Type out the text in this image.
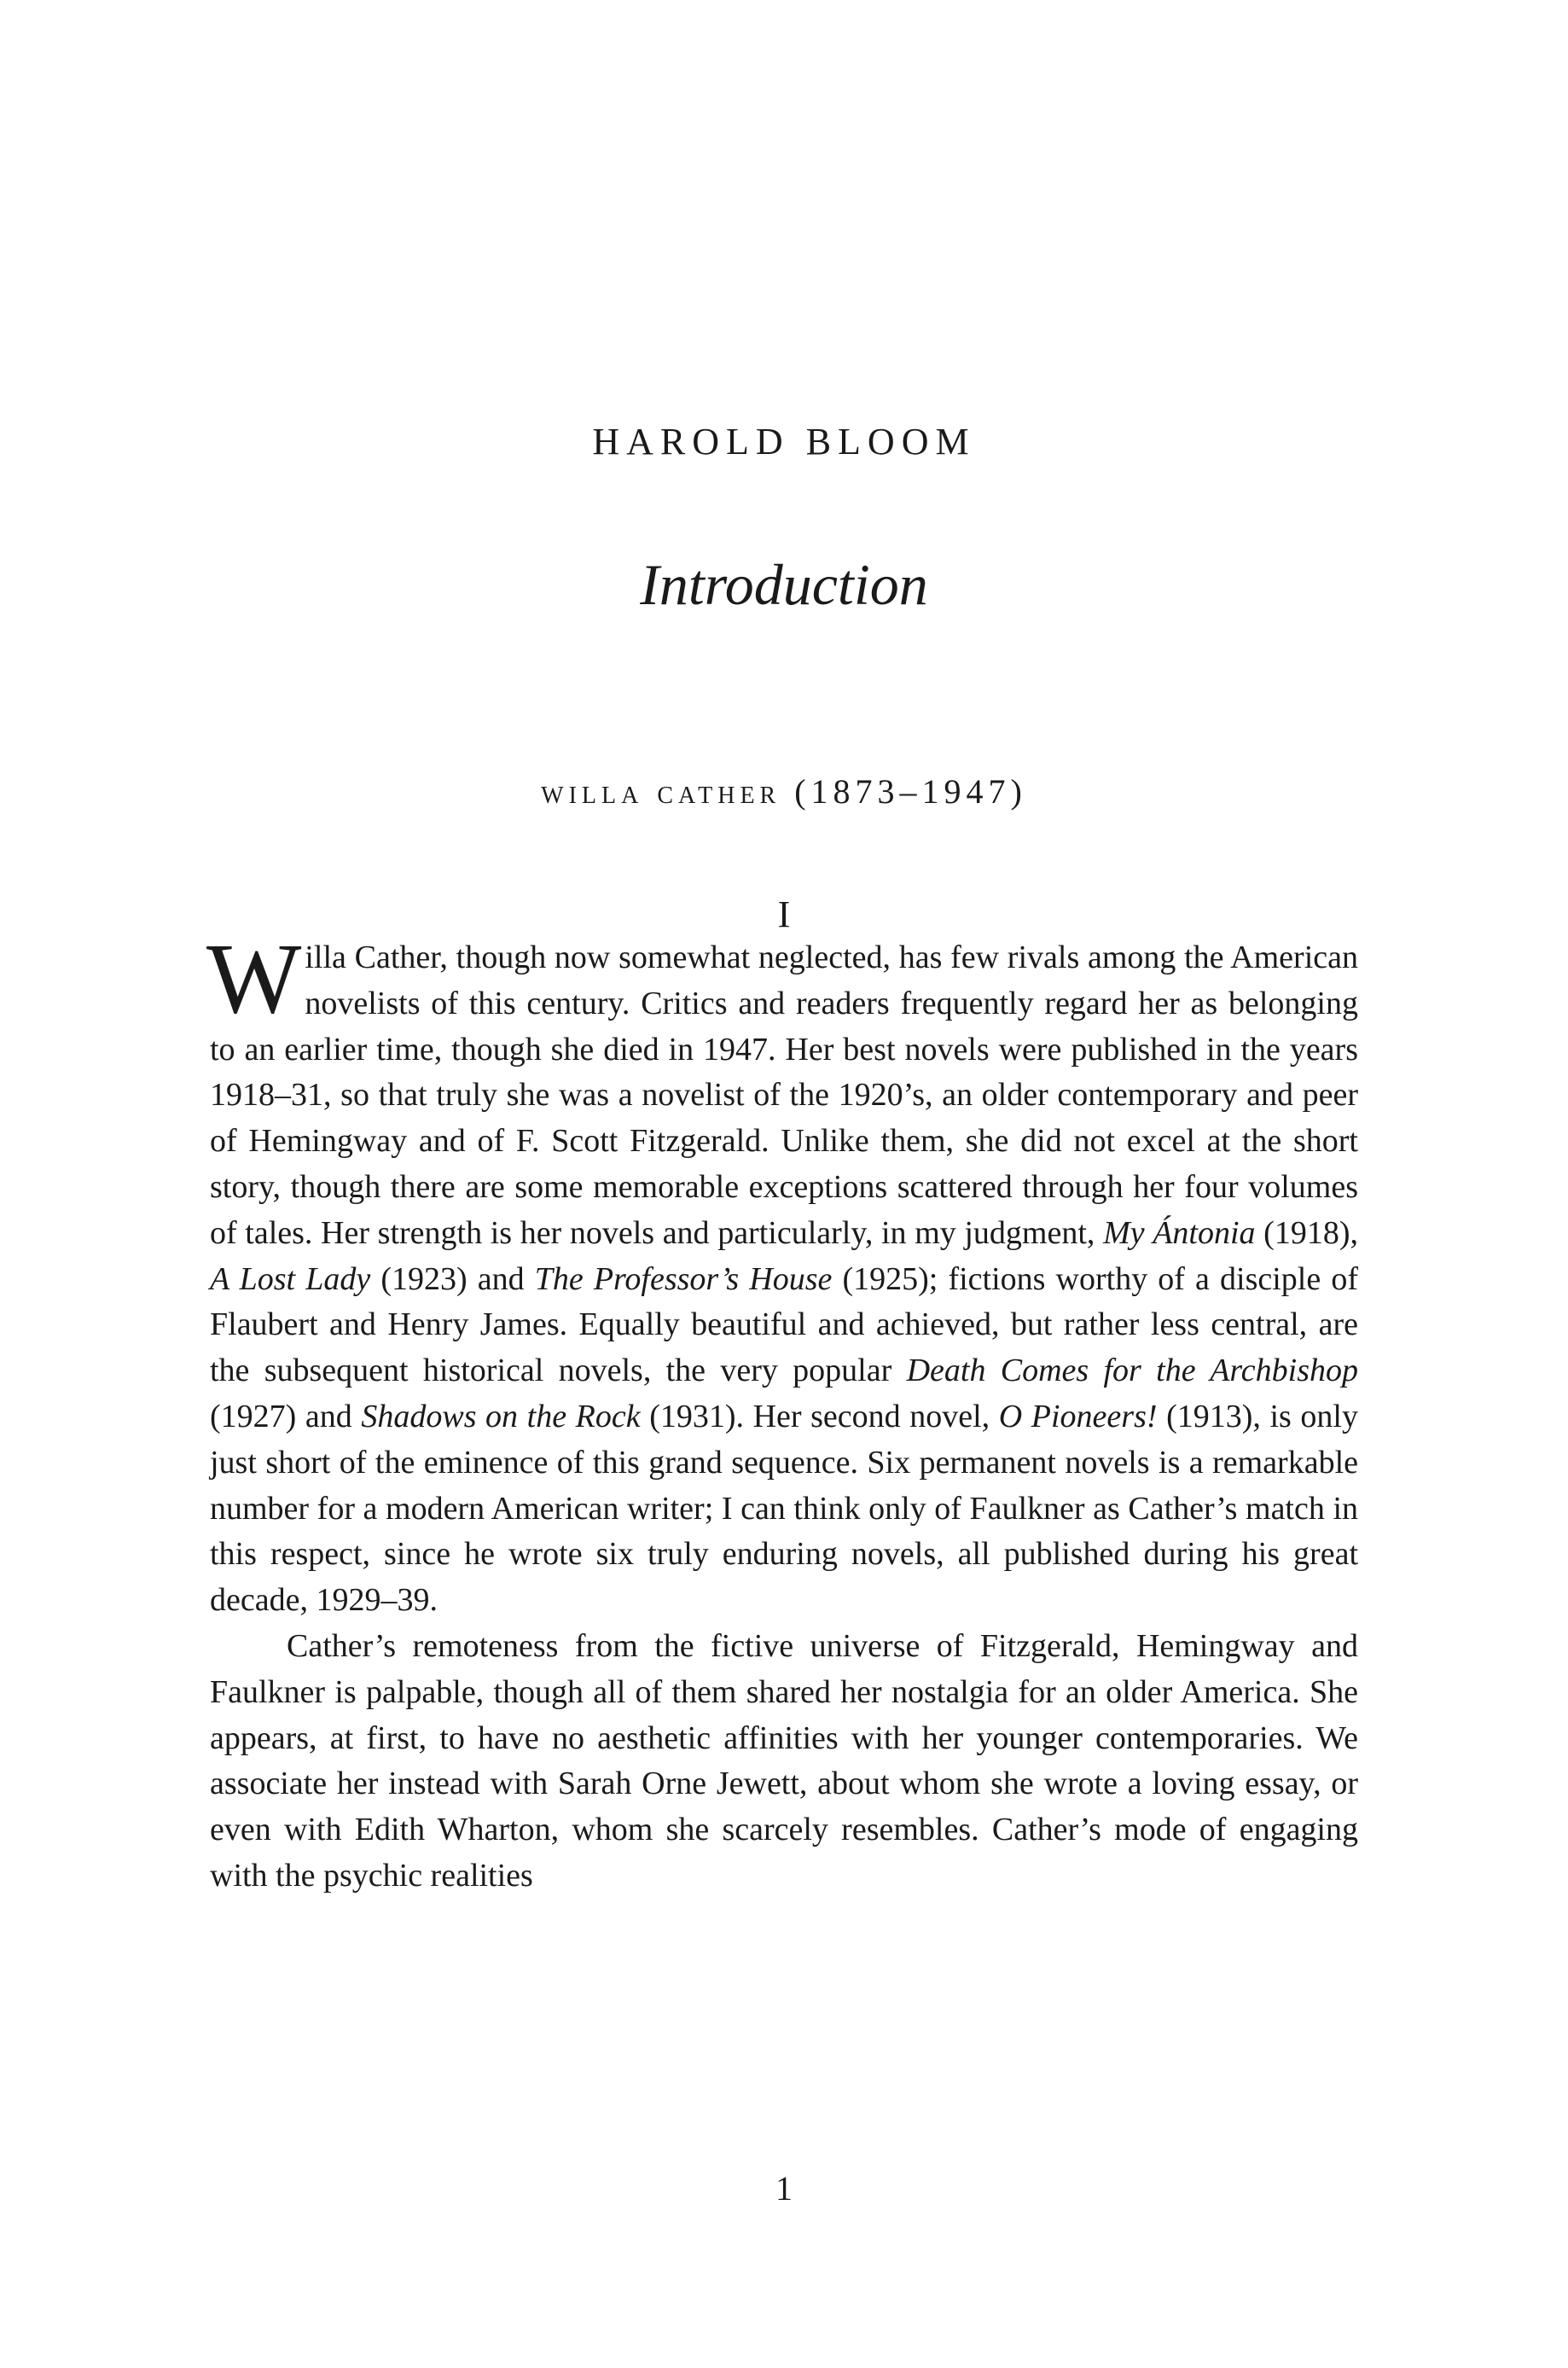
HAROLD BLOOM
Introduction
willa cather (1873–1947)
I

Willa Cather, though now somewhat neglected, has few rivals among the American novelists of this century. Critics and readers frequently regard her as belonging to an earlier time, though she died in 1947. Her best novels were published in the years 1918–31, so that truly she was a novelist of the 1920’s, an older contemporary and peer of Hemingway and of F. Scott Fitzgerald. Unlike them, she did not excel at the short story, though there are some memorable exceptions scattered through her four volumes of tales. Her strength is her novels and particularly, in my judgment, My Ántonia (1918), A Lost Lady (1923) and The Professor’s House (1925); fictions worthy of a disciple of Flaubert and Henry James. Equally beautiful and achieved, but rather less central, are the subsequent historical novels, the very popular Death Comes for the Archbishop (1927) and Shadows on the Rock (1931). Her second novel, O Pioneers! (1913), is only just short of the eminence of this grand sequence. Six permanent novels is a remarkable number for a modern American writer; I can think only of Faulkner as Cather’s match in this respect, since he wrote six truly enduring novels, all published during his great decade, 1929–39.

Cather’s remoteness from the fictive universe of Fitzgerald, Hemingway and Faulkner is palpable, though all of them shared her nostalgia for an older America. She appears, at first, to have no aesthetic affinities with her younger contemporaries. We associate her instead with Sarah Orne Jewett, about whom she wrote a loving essay, or even with Edith Wharton, whom she scarcely resembles. Cather’s mode of engaging with the psychic realities

1
